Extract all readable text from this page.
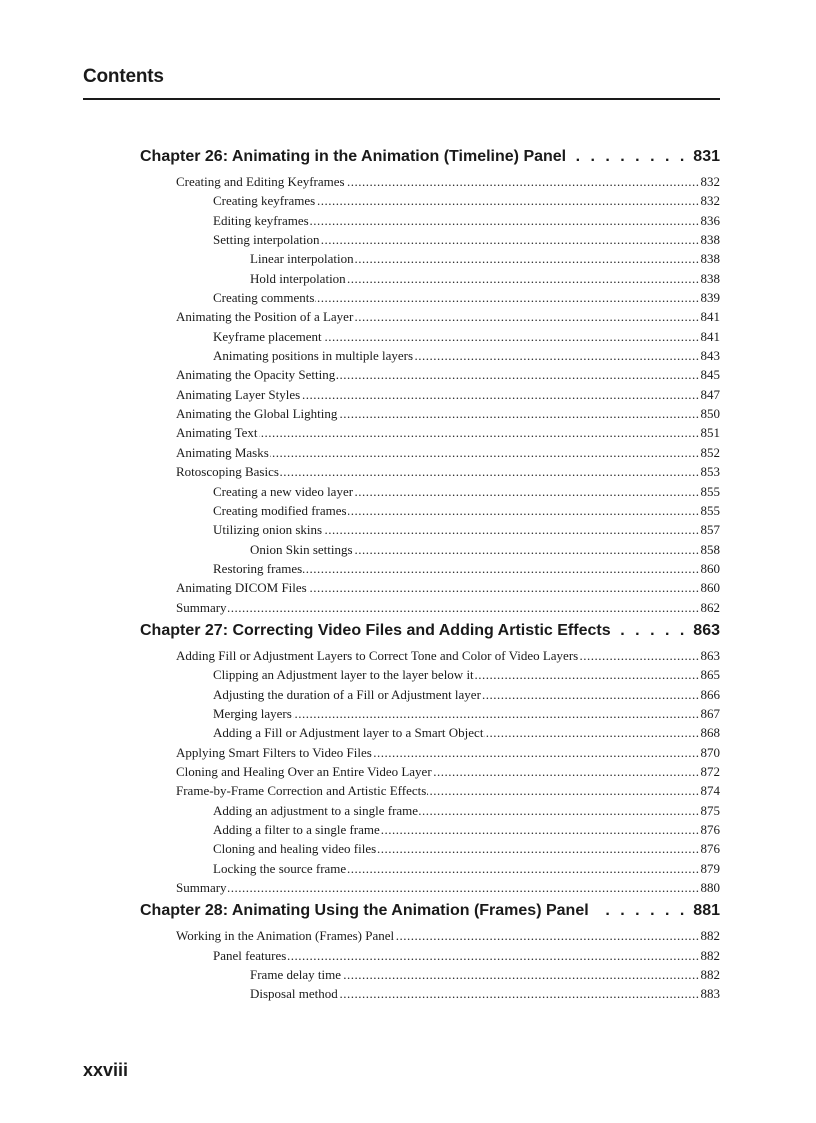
Contents
Chapter 26: Animating in the Animation (Timeline) Panel . . .	831
Creating and Editing Keyframes .....	832
Creating keyframes .....	832
Editing keyframes .....	836
Setting interpolation .....	838
Linear interpolation .....	838
Hold interpolation .....	838
Creating comments .....	839
Animating the Position of a Layer .....	841
Keyframe placement .....	841
Animating positions in multiple layers .....	843
Animating the Opacity Setting .....	845
Animating Layer Styles .....	847
Animating the Global Lighting .....	850
Animating Text .....	851
Animating Masks .....	852
Rotoscoping Basics .....	853
Creating a new video layer .....	855
Creating modified frames .....	855
Utilizing onion skins .....	857
Onion Skin settings .....	858
Restoring frames .....	860
Animating DICOM Files .....	860
Summary .....	862
Chapter 27: Correcting Video Files and Adding Artistic Effects . . .	863
Adding Fill or Adjustment Layers to Correct Tone and Color of Video Layers .....	863
Clipping an Adjustment layer to the layer below it .....	865
Adjusting the duration of a Fill or Adjustment layer .....	866
Merging layers .....	867
Adding a Fill or Adjustment layer to a Smart Object .....	868
Applying Smart Filters to Video Files .....	870
Cloning and Healing Over an Entire Video Layer .....	872
Frame-by-Frame Correction and Artistic Effects .....	874
Adding an adjustment to a single frame .....	875
Adding a filter to a single frame .....	876
Cloning and healing video files .....	876
Locking the source frame .....	879
Summary .....	880
Chapter 28: Animating Using the Animation (Frames) Panel . . .	881
Working in the Animation (Frames) Panel .....	882
Panel features .....	882
Frame delay time .....	882
Disposal method .....	883

xxviii
